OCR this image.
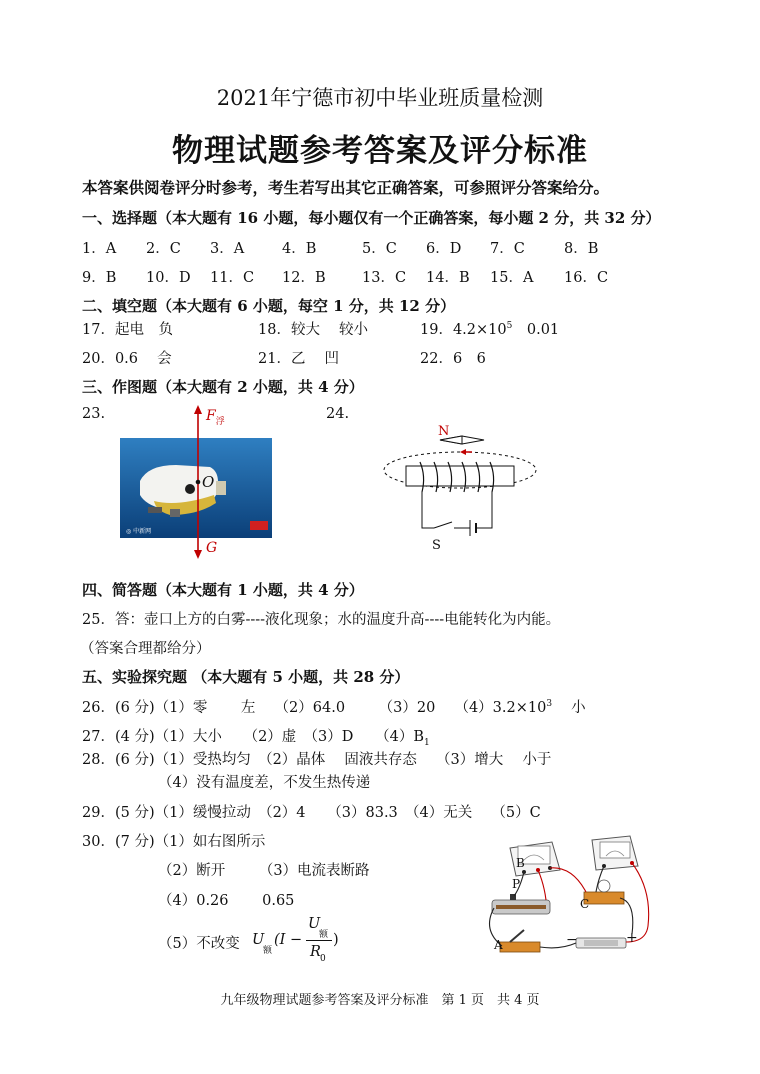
2021年宁德市初中毕业班质量检测
物理试题参考答案及评分标准
本答案供阅卷评分时参考，考生若写出其它正确答案，可参照评分答案给分。
一、选择题（本大题有 16 小题，每小题仅有一个正确答案，每小题 2 分，共 32 分）
1．A 2．C 3．A	4．B	5．C 6．D 7．C	8．B
9．B 10．D 11．C 12．B	13．C 14．B 15．A 16．C
二、填空题（本大题有 6 小题，每空 1 分，共 12 分）
17．起电　负	18．较大　 较小	19．$4.2\times 10^5$　0.01
20．0.6　 会	21．乙　 凹	22．6　6
三、作图题（本大题有 2 小题，共 4 分）
23.	24.
◎ 中新网
$F_浮$
O
G
N
S
四、简答题（本大题有 1 小题，共 4 分）
25．答：壶口上方的白雾----液化现象；水的温度升高----电能转化为内能。
（答案合理都给分）
五、实验探究题 （本大题有 5 小题，共 28 分）
26．(6 分)（1）零　　 左　 （2）64.0　　 （3）20　 $(4)3.2\times 10^3$　 小
27．(4 分)（1）大小　　（2）虚　（3）D　　$(4)B_1$
28．(6 分)（1）受热均匀　（2）晶体　 固液共存态　 （3）增大　 小于
（4）没有温度差，不发生热传递
29．(5 分)（1）缓慢拉动　（2）4　　（3）83.3　（4）无关　 （5）C
30．(7 分)（1）如右图所示
（2）断开　　 （3）电流表断路
（4）0.26　　 0.65
（5）不改变 U
额
(I −
U
额
R 0
)
B
P
C
A	−	+
九年级物理试题参考答案及评分标准　第 1 页　共 4 页
